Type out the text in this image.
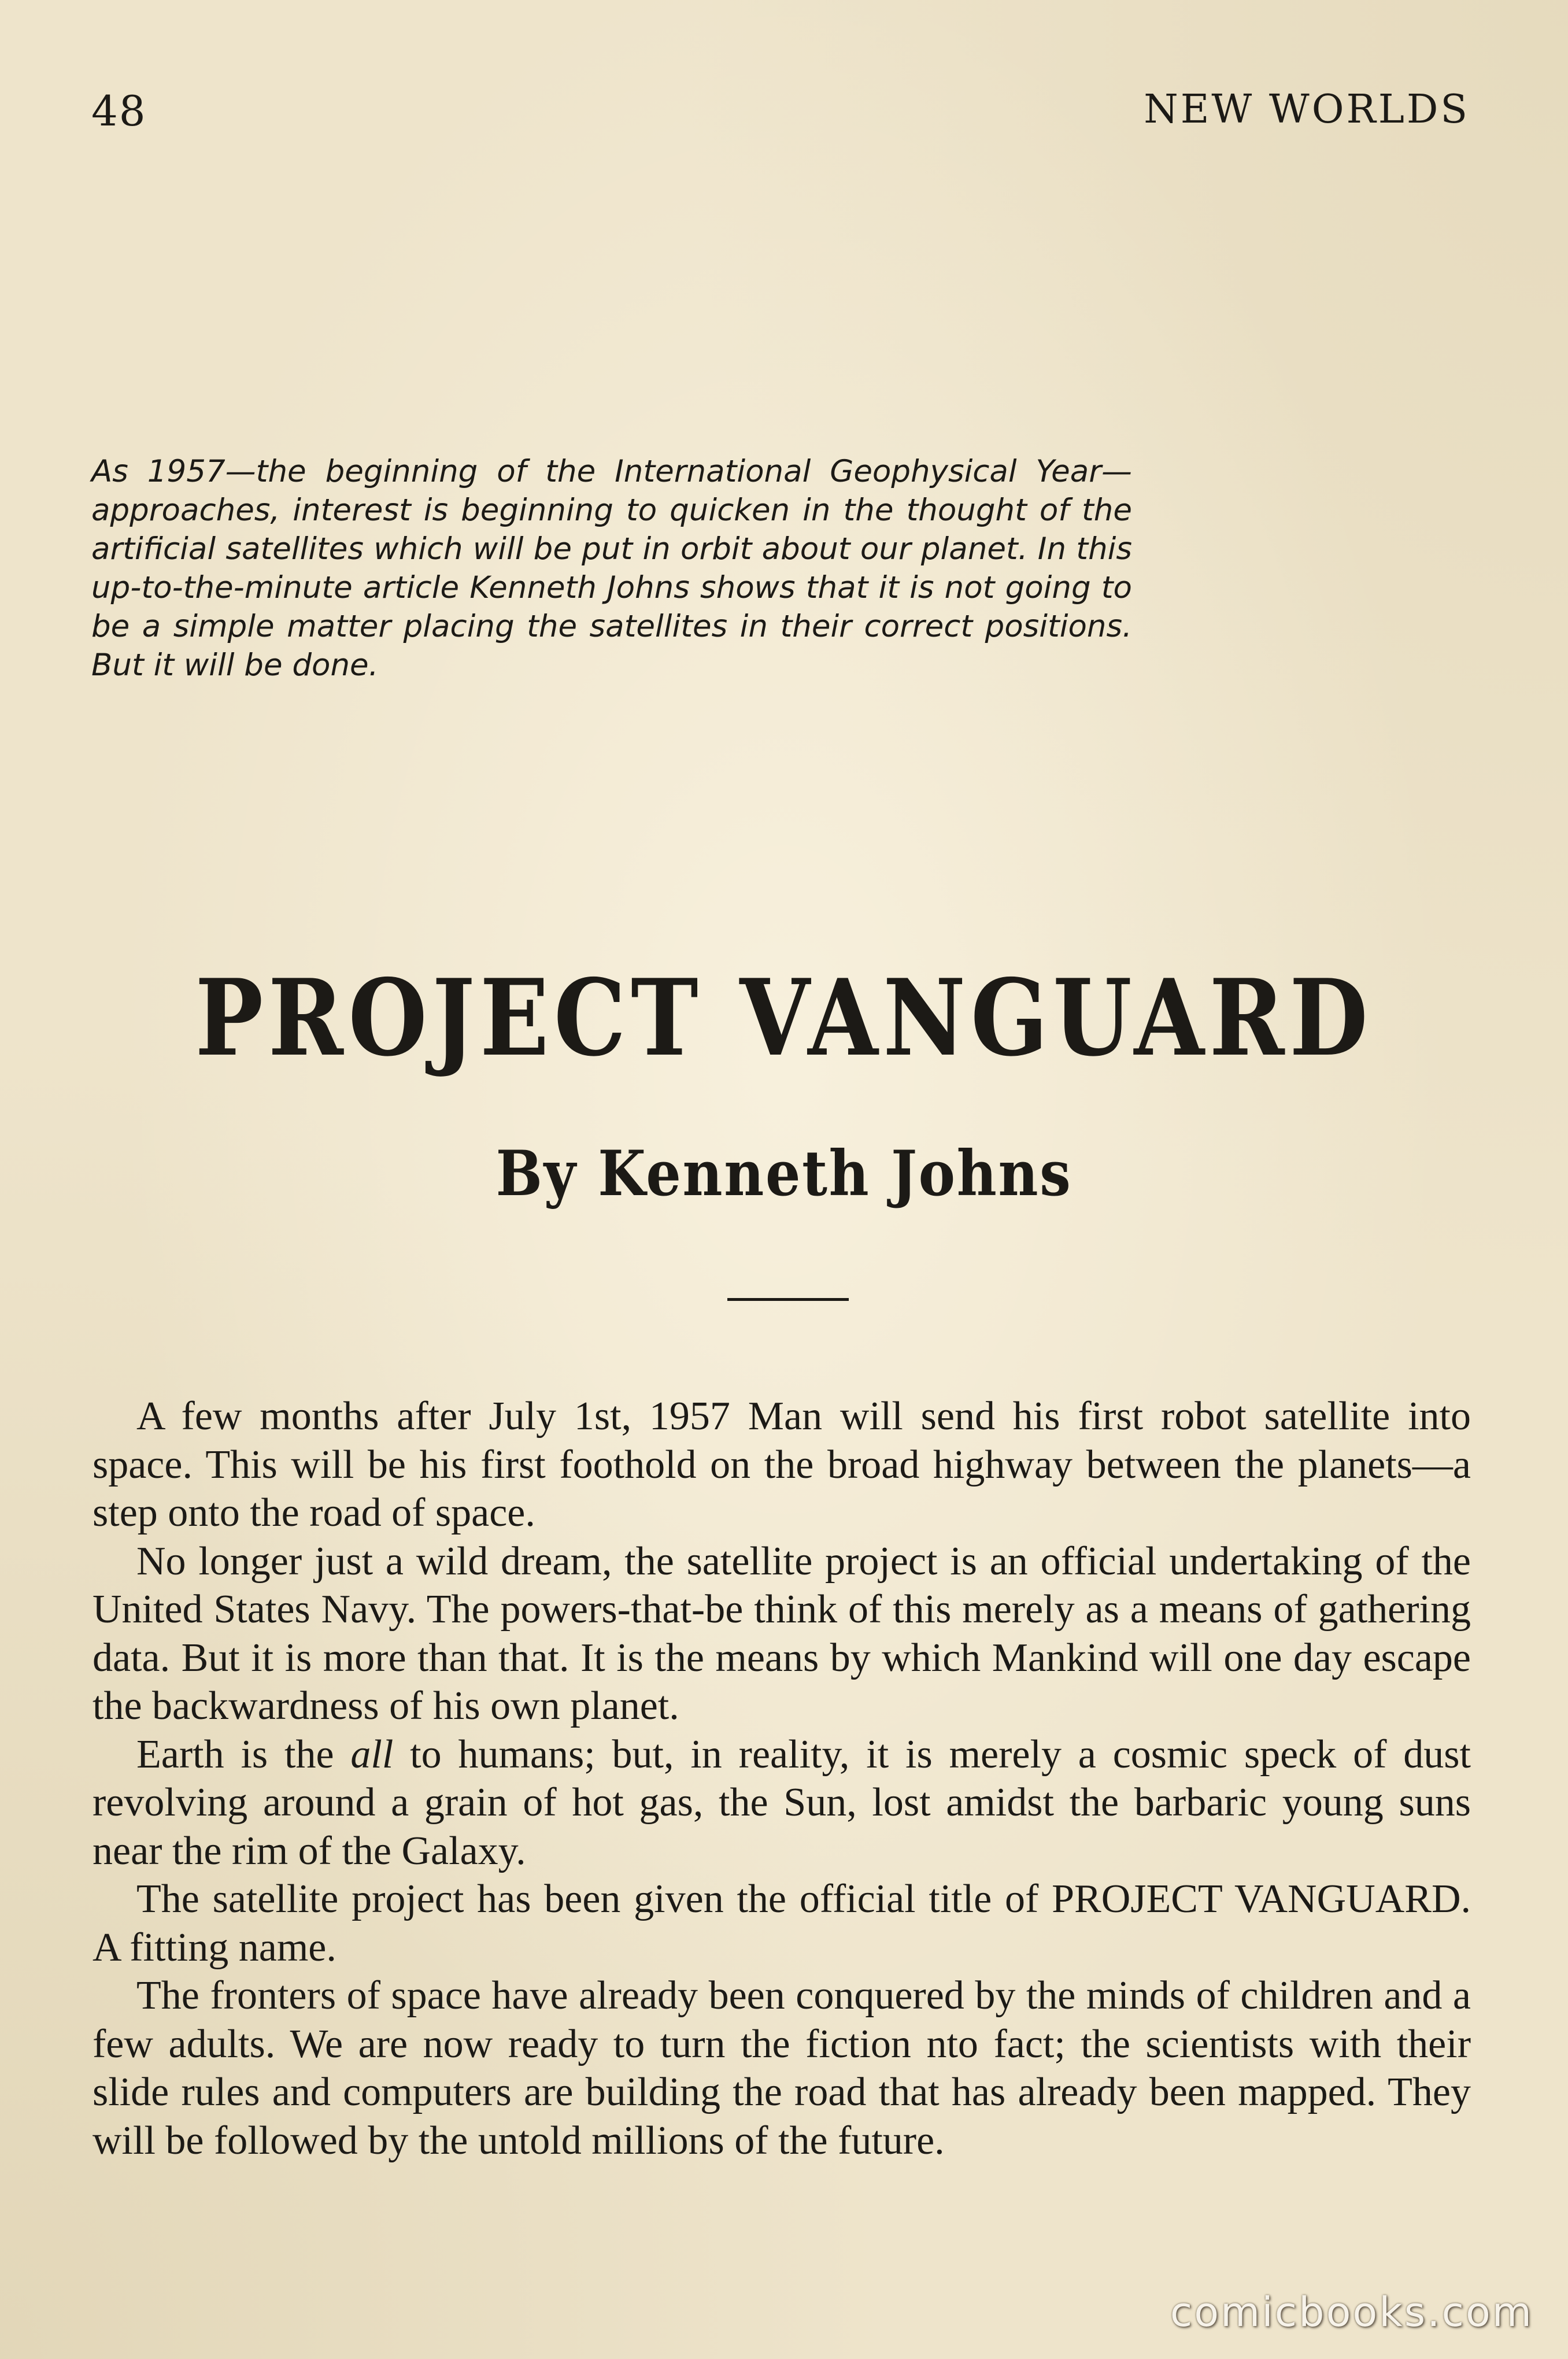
48	NEW WORLDS
As 1957—the beginning of the International Geophysical Year—approaches, interest is beginning to quicken in the thought of the artificial satellites which will be put in orbit about our planet. In this up-to-the-minute article Kenneth Johns shows that it is not going to be a simple matter placing the satellites in their correct positions. But it will be done.
PROJECT VANGUARD
By Kenneth Johns

A few months after July 1st, 1957 Man will send his first robot satellite into space. This will be his first foothold on the broad highway between the planets—a step onto the road of space.

No longer just a wild dream, the satellite project is an official undertaking of the United States Navy. The powers-that-be think of this merely as a means of gathering data. But it is more than that. It is the means by which Mankind will one day escape the backwardness of his own planet.

Earth is the all to humans; but, in reality, it is merely a cosmic speck of dust revolving around a grain of hot gas, the Sun, lost amidst the barbaric young suns near the rim of the Galaxy.

The satellite project has been given the official title of PROJECT VANGUARD. A fitting name.

The fronters of space have already been conquered by the minds of children and a few adults. We are now ready to turn the fiction nto fact; the scientists with their slide rules and computers are building the road that has already been mapped. They will be followed by the untold millions of the future.

comicbooks.com
